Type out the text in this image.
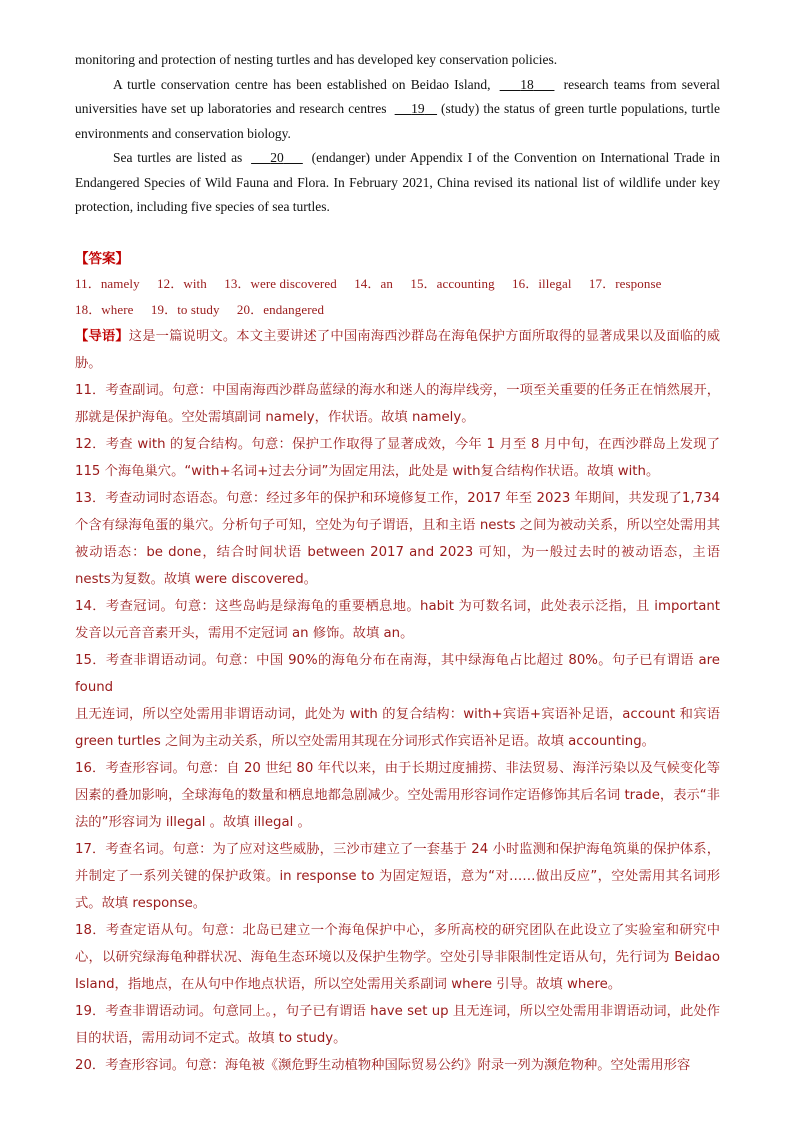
monitoring and protection of nesting turtles and has developed key conservation policies.

A turtle conservation centre has been established on Beidao Island,     18     research teams from several universities have set up laboratories and research centres     19 (study) the status of green turtle populations, turtle environments and conservation biology.

Sea turtles are listed as     20     (endanger) under Appendix I of the Convention on International Trade in Endangered Species of Wild Fauna and Flora. In February 2021, China revised its national list of wildlife under key protection, including five species of sea turtles.

【答案】

11．namely 12．with 13．were discovered 14．an 15．accounting 16．illegal 17．response 18．where 19．to study 20．endangered

【导语】这是一篇说明文。本文主要讲述了中国南海西沙群岛在海龟保护方面所取得的显著成果以及面临的威胁。

11．考查副词。句意：中国南海西沙群岛蓝绿的海水和迷人的海岸线旁，一项至关重要的任务正在悄然展开，那就是保护海龟。空处需填副词 namely，作状语。故填 namely。

12．考查 with 的复合结构。句意：保护工作取得了显著成效，今年 1 月至 8 月中旬，在西沙群岛上发现了 115 个海龟巢穴。“with+名词+过去分词”为固定用法，此处是 with复合结构作状语。故填 with。

13．考查动词时态语态。句意：经过多年的保护和环境修复工作，2017 年至 2023 年期间，共发现了1,734 个含有绿海龟蛋的巢穴。分析句子可知，空处为句子谓语，且和主语 nests 之间为被动关系，所以空处需用其被动语态：be done，结合时间状语 between 2017 and 2023 可知，为一般过去时的被动语态，主语 nests为复数。故填 were discovered。

14．考查冠词。句意：这些岛屿是绿海龟的重要栖息地。habit 为可数名词，此处表示泛指，且 important 发音以元音音素开头，需用不定冠词 an 修饰。故填 an。

15．考查非谓语动词。句意：中国 90%的海龟分布在南海，其中绿海龟占比超过 80%。句子已有谓语 are found

且无连词，所以空处需用非谓语动词，此处为 with 的复合结构：with+宾语+宾语补足语，account 和宾语 green turtles 之间为主动关系，所以空处需用其现在分词形式作宾语补足语。故填 accounting。

16．考查形容词。句意：自 20 世纪 80 年代以来，由于长期过度捕捞、非法贸易、海洋污染以及气候变化等因素的叠加影响，全球海龟的数量和栖息地都急剧减少。空处需用形容词作定语修饰其后名词 trade，表示“非法的”形容词为 illegal 。故填 illegal 。

17．考查名词。句意：为了应对这些威胁，三沙市建立了一套基于 24 小时监测和保护海龟筑巢的保护体系，并制定了一系列关键的保护政策。in response to 为固定短语，意为“对……做出反应”，空处需用其名词形式。故填 response。

18．考查定语从句。句意：北岛已建立一个海龟保护中心，多所高校的研究团队在此设立了实验室和研究中心，以研究绿海龟种群状况、海龟生态环境以及保护生物学。空处引导非限制性定语从句，先行词为 Beidao Island，指地点，在从句中作地点状语，所以空处需用关系副词 where 引导。故填 where。

19．考查非谓语动词。句意同上。，句子已有谓语 have set up 且无连词，所以空处需用非谓语动词，此处作目的状语，需用动词不定式。故填 to study。

20．考查形容词。句意：海龟被《濒危野生动植物种国际贸易公约》附录一列为濒危物种。空处需用形容
